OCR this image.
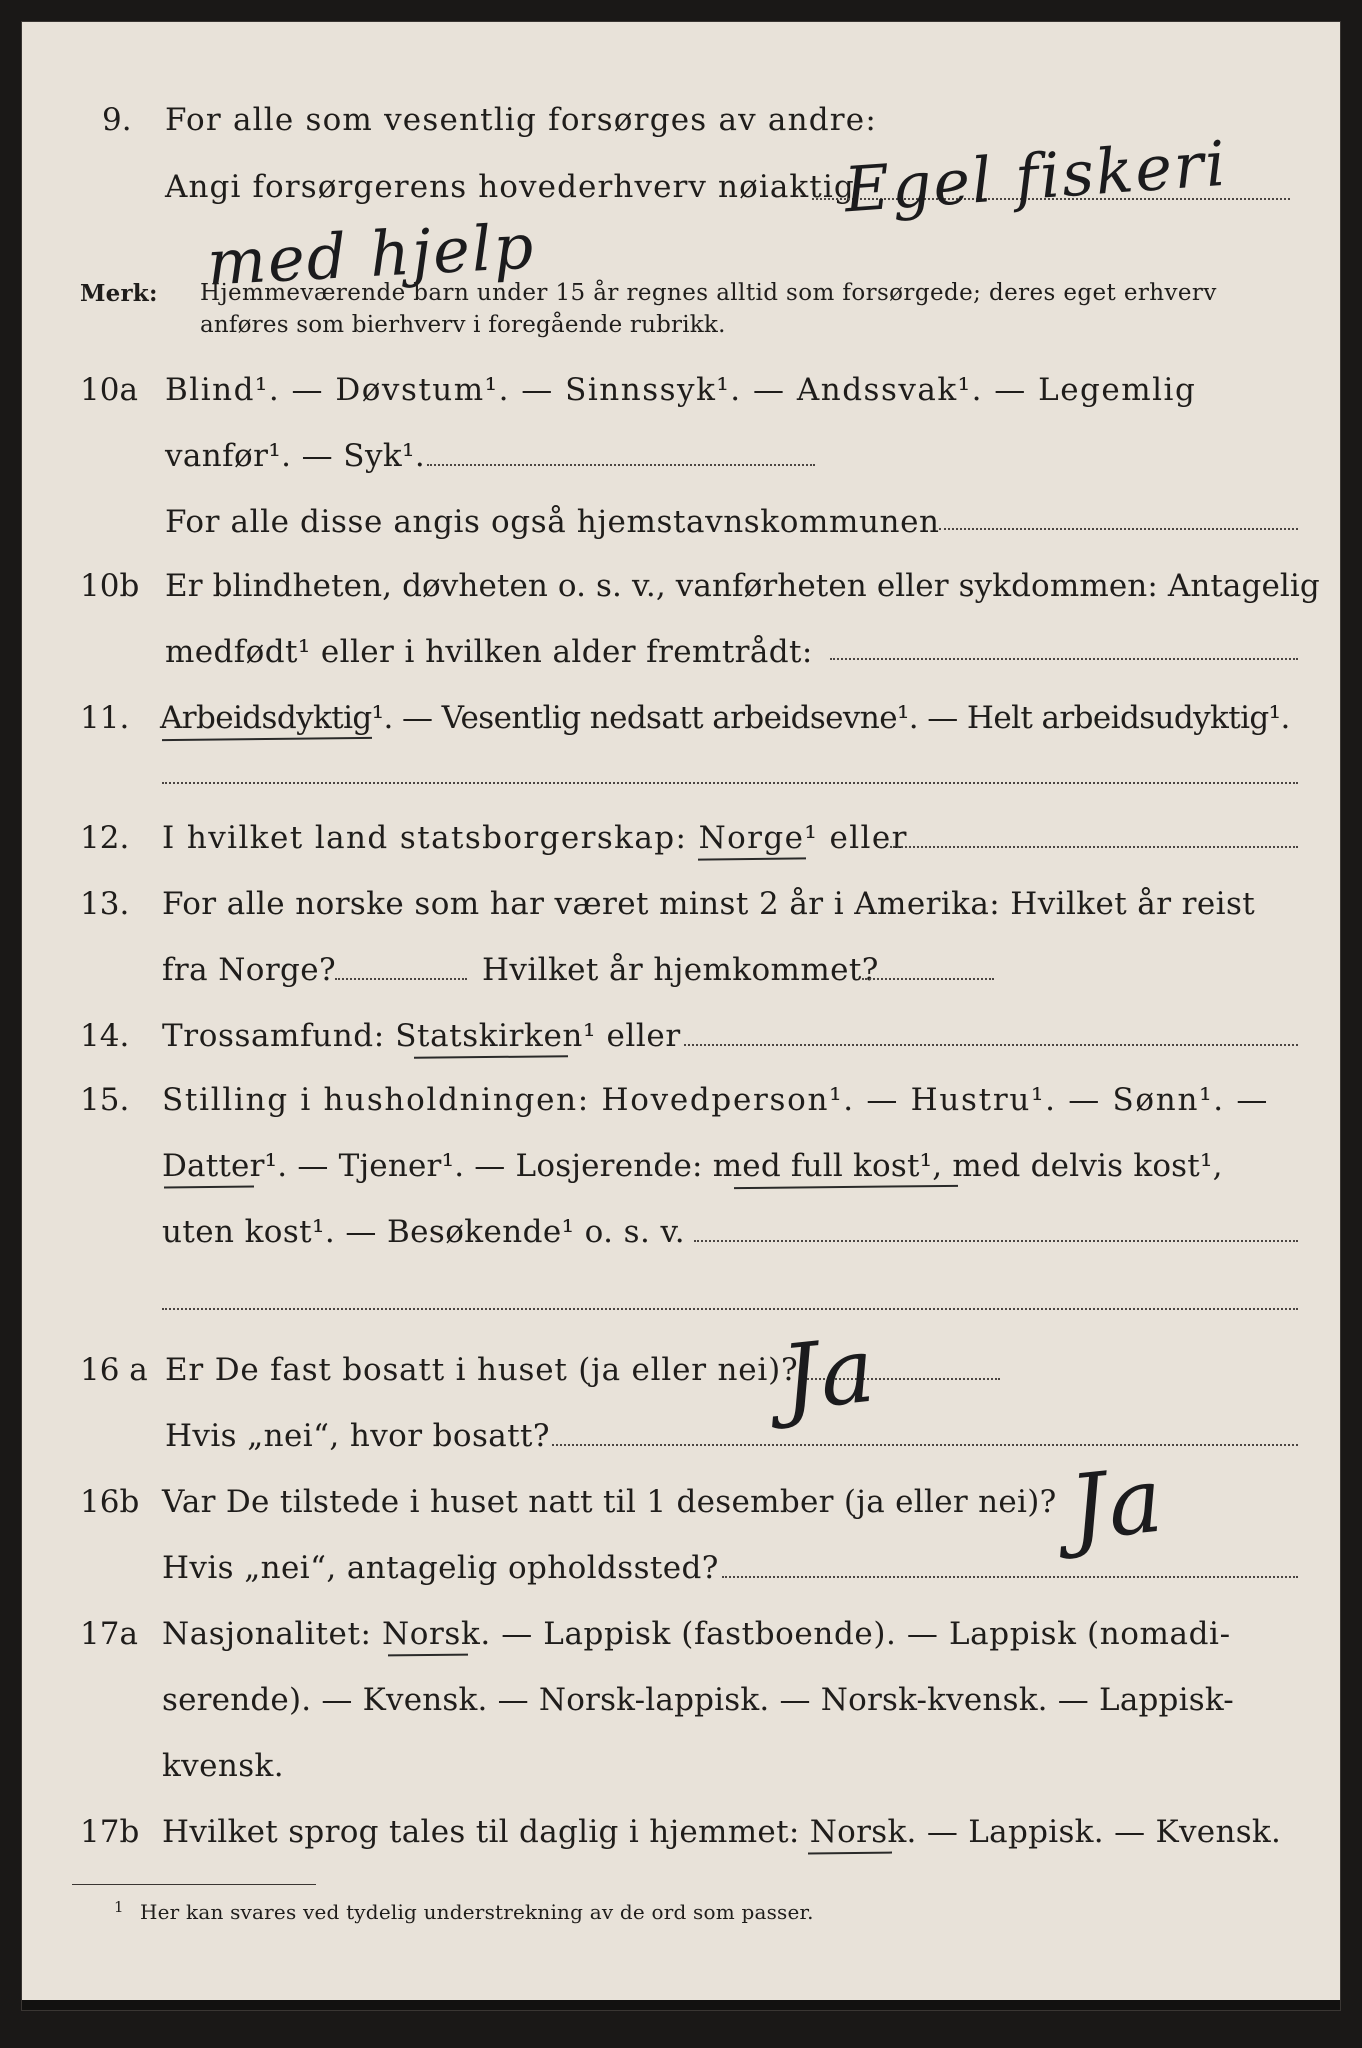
9. For alle som vesentlig forsørges av andre:
Angi forsørgerens hovederhverv nøiaktig
Egel fiskeri
med hjelp
Merk: Hjemmeværende barn under 15 år regnes alltid som forsørgede; deres eget erhverv
anføres som bierhverv i foregående rubrikk.
10a Blind¹. — Døvstum¹. — Sinnssyk¹. — Andssvak¹. — Legemlig
vanfør¹. — Syk¹.
For alle disse angis også hjemstavnskommunen
10b Er blindheten, døvheten o. s. v., vanførheten eller sykdommen: Antagelig
medfødt¹ eller i hvilken alder fremtrådt:
11. Arbeidsdyktig¹. — Vesentlig nedsatt arbeidsevne¹. — Helt arbeidsudyktig¹.
12. I hvilket land statsborgerskap: Norge¹ eller
13. For alle norske som har været minst 2 år i Amerika: Hvilket år reist
fra Norge?	Hvilket år hjemkommet?
14. Trossamfund: Statskirken¹ eller
15. Stilling i husholdningen: Hovedperson¹. — Hustru¹. — Sønn¹. —
Datter¹. — Tjener¹. — Losjerende: med full kost¹, med delvis kost¹,
uten kost¹. — Besøkende¹ o. s. v.
16 a Er De fast bosatt i huset (ja eller nei)?
Ja
Hvis „nei“, hvor bosatt?
16b Var De tilstede i huset natt til 1 desember (ja eller nei)? Ja
Hvis „nei“, antagelig opholdssted?
17a Nasjonalitet: Norsk. — Lappisk (fastboende). — Lappisk (nomadi-
serende). — Kvensk. — Norsk-lappisk. — Norsk-kvensk. — Lappisk-
kvensk.
17b Hvilket sprog tales til daglig i hjemmet: Norsk. — Lappisk. — Kvensk.
1 Her kan svares ved tydelig understrekning av de ord som passer.
